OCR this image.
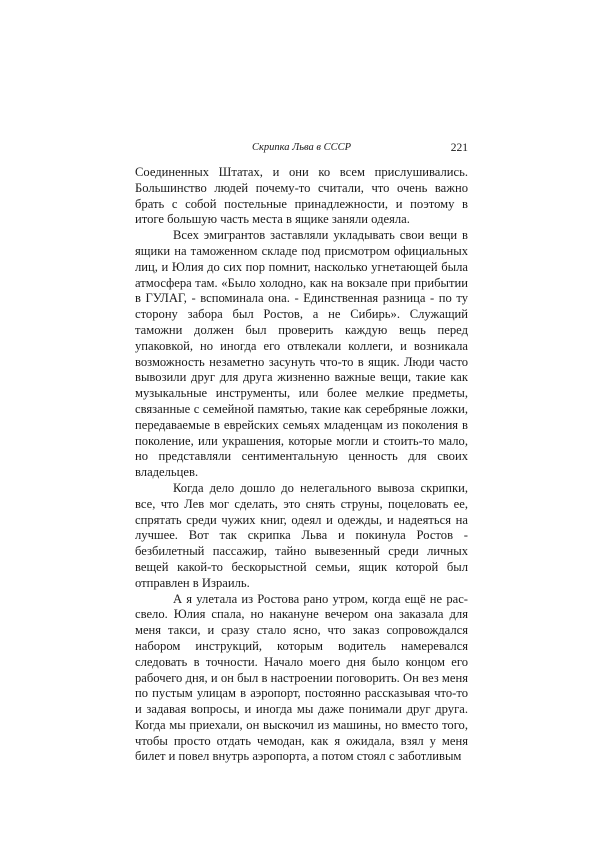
Скрипка Льва в СССР	221

Соединенных Штатах, и они ко всем прислушивались. Большинство людей почему-то считали, что очень важно брать с собой постельные принадлежности, и поэтому в итоге большую часть места в ящике заняли одеяла.

Всех эмигрантов заставляли укладывать свои вещи в ящики на таможенном складе под присмотром официальных лиц, и Юлия до сих пор помнит, насколько угнетающей была атмосфера там. «Было холодно, как на вокзале при прибытии в ГУЛАГ, - вспоминала она. - Единственная разница - по ту сторону забора был Ростов, а не Сибирь». Служащий таможни должен был проверить каждую вещь перед упаковкой, но иногда его отвлекали коллеги, и возникала возможность незаметно засунуть что-то в ящик. Люди часто вывозили друг для друга жизненно важные вещи, такие как музыкальные инструменты, или более мелкие предметы, связанные с семейной памятью, такие как серебряные ложки, передаваемые в еврейских семьях младенцам из поколения в поколение, или украшения, которые могли и стоить-то мало, но представляли сентиментальную ценность для своих владельцев.

Когда дело дошло до нелегального вывоза скрипки, все, что Лев мог сделать, это снять струны, поцеловать ее, спрятать среди чужих книг, одеял и одежды, и надеяться на лучшее. Вот так скрипка Льва и покинула Ростов - безбилетный пассажир, тайно вывезенный среди личных вещей какой-то бескорыстной семьи, ящик которой был отправлен в Израиль.

А я улетала из Ростова рано утром, когда ещё не рас-свело. Юлия спала, но накануне вечером она заказала для меня такси, и сразу стало ясно, что заказ сопровождался набором инструкций, которым водитель намеревался следовать в точности. Начало моего дня было концом его рабочего дня, и он был в настроении поговорить. Он вез меня по пустым улицам в аэропорт, постоянно рассказывая что-то и задавая вопросы, и иногда мы даже понимали друг друга. Когда мы приехали, он выскочил из машины, но вместо того, чтобы просто отдать чемодан, как я ожидала, взял у меня билет и повел внутрь аэропорта, а потом стоял с заботливым
